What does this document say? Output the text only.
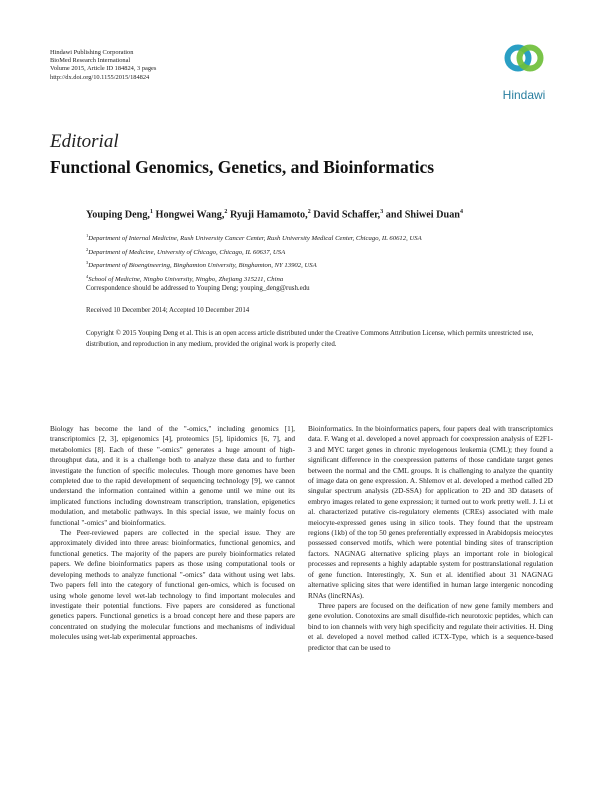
Hindawi Publishing Corporation
BioMed Research International
Volume 2015, Article ID 184824, 3 pages
http://dx.doi.org/10.1155/2015/184824
Hindawi
Editorial
Functional Genomics, Genetics, and Bioinformatics
Youping Deng,$^1$ Hongwei Wang,$^2$ Ryuji Hamamoto,$^2$ David Schaffer,$^3$ and Shiwei Duan$^4$
$^1$Department of Internal Medicine, Rush University Cancer Center, Rush University Medical Center, Chicago, IL 60612, USA
$^2$Department of Medicine, University of Chicago, Chicago, IL 60637, USA
$^3$Department of Bioengineering, Binghamton University, Binghamton, NY 13902, USA
$^4$School of Medicine, Ningbo University, Ningbo, Zhejiang 315211, China
Correspondence should be addressed to Youping Deng; youping_deng@rush.edu
Received 10 December 2014; Accepted 10 December 2014
Copyright © 2015 Youping Deng et al. This is an open access article distributed under the Creative Commons Attribution License, which permits unrestricted use, distribution, and reproduction in any medium, provided the original work is properly cited.

Biology has become the land of the "-omics," including genomics [1], transcriptomics [2, 3], epigenomics [4], proteomics [5], lipidomics [6, 7], and metabolomics [8]. Each of these "-omics" generates a huge amount of high-throughput data, and it is a challenge both to analyze these data and to further investigate the function of specific molecules. Though more genomes have been completed due to the rapid development of sequencing technology [9], we cannot understand the information contained within a genome until we mine out its implicated functions including downstream transcription, translation, epigenetics modulation, and metabolic pathways. In this special issue, we mainly focus on functional "-omics" and bioinformatics.

The Peer-reviewed papers are collected in the special issue. They are approximately divided into three areas: bioinformatics, functional genomics, and functional genetics. The majority of the papers are purely bioinformatics related papers. We define bioinformatics papers as those using computational tools or developing methods to analyze functional "-omics" data without using wet labs. Two papers fell into the category of functional gen-omics, which is focused on using whole genome level wet-lab technology to find important molecules and investigate their potential functions. Five papers are considered as functional genetics papers. Functional genetics is a broad concept here and these papers are concentrated on studying the molecular functions and mechanisms of individual molecules using wet-lab experimental approaches.

Bioinformatics. In the bioinformatics papers, four papers deal with transcriptomics data. F. Wang et al. developed a novel approach for coexpression analysis of E2F1-3 and MYC target genes in chronic myelogenous leukemia (CML); they found a significant difference in the coexpression patterns of those candidate target genes between the normal and the CML groups. It is challenging to analyze the quantity of image data on gene expression. A. Shlemov et al. developed a method called 2D singular spectrum analysis (2D-SSA) for application to 2D and 3D datasets of embryo images related to gene expression; it turned out to work pretty well. J. Li et al. characterized putative cis-regulatory elements (CREs) associated with male meiocyte-expressed genes using in silico tools. They found that the upstream regions (1kb) of the top 50 genes preferentially expressed in Arabidopsis meiocytes possessed conserved motifs, which were potential binding sites of transcription factors. NAGNAG alternative splicing plays an important role in biological processes and represents a highly adaptable system for posttranslational regulation of gene function. Interestingly, X. Sun et al. identified about 31 NAGNAG alternative splicing sites that were identified in human large intergenic noncoding RNAs (lincRNAs).

Three papers are focused on the deification of new gene family members and gene evolution. Conotoxins are small disulfide-rich neurotoxic peptides, which can bind to ion channels with very high specificity and regulate their activities. H. Ding et al. developed a novel method called iCTX-Type, which is a sequence-based predictor that can be used to
